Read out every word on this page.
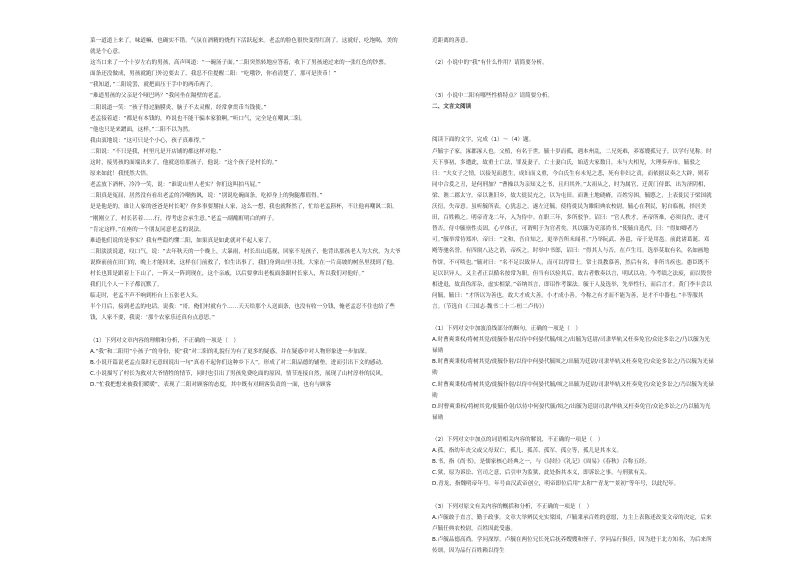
菜一道道上来了，味道嘛，也确实不错。气氛在酒精的烧灼下活跃起来。老孟的脸色很快变得红润了。这就好，吃饱喝，美的就是个心意。

这当口来了一个十岁左右的男孩，高声叫道：“一碗汤子面。”二阳突然转地应答着，收下了男孩递过来的一张红色的钞票。

面条还没做成，男孩就跑门外边要去了，我忍不住提醒二阳：“吃哦钞，你看清楚了，那可是贵币！”

“我知道，”二阳说罢，就把面压于手中的两币两了。

“难道男孩的父亲是个哑巴吗？”我问坐在隔壁的老孟。

二阳说道一笑：“孩子得过脑膜炎，脑子不太灵醒，经常拿贯币当钱使。”

老孟接着道：“都是有本钱的，咋说也不能干骗本家狼啊。”听口气，完全是在嘲讽二阳。

“他也只是来蹭面，这样。”二阳不以为然。

我由衷地说：“这可只是个小心，孩子真难得。”

二阳说：“不只是我，村里凡是开店铺的都这样对他。”

这时，接男孩的面端出来了，他就送给那孩子，他说：“这个孩子是村长的。”

原来如此！我恍然大悟。

老孟放下酒杯，冷冷一笑，说：“谁说山里人老实？你们这叫拍马屁。”

二阳真是冤屈，居然没有看出老孟的冷嘲热讽，说：“别说吃碗面条，吃掉身上的狗腿都值得。”

是是他是的，谁让人家的爸爸是村长呢？你多事要掰扯人家，这么一想，我也就释然了，忙给老孟斟杯，不让他再嘲讽二阳。

“刚刚立了，村长甚着……行，得考虑会承生意。”老孟一副酩酊明白的样子。

“肯定这样，”在座的一个朋友同意老孟的说法。

难道他们说的是事实？我有些隐约懂二阳，如果真是如此就对不起人家了。

二阳淡淡说道，叹口气，说：“去年秋天的一个晚上，大暴雨，村长出山巡视，回家不见孩子，他背出那孩老人为大伙。为大爷说修前前在田门的，晚上才能回来，这样在门前救了，怕生出事了，我们身到山里寻找。大家在一片高坡的树丛里找到了他。村长也算是跟着上下山了，一阵又一阵到现在，这个亲戚，以后要拿出老板面条跟村长家人，所以我们对他好。”

我们几个人一下子都沉默了。

临走时，老孟不声不响到柜台上五张老人头。

半个月后，接到老孟的电话，说我：“哥，俺们村就有个……天天给那个人送面条，也没有收一分钱，俺老孟忍不住也给了些钱，人家不要，我说：‘那个农家乐还真有点意思。”

（1）下列对文章内容的理解和分析，不正确的一项是（　）

A.“我”和二阳用“小孩子”的身份，使“我”对二阳的礼貌行为有了更多的疑惑，并在疑惑中对人物形象进一步加深。

B.小说开篇说老孟点菜时无意间说出一句“真看不起你们这种乡下人”，形成了对二阳品德的铺垫，进而引出下文的感动。

C.小说描写了村长为救对大爷情牲的情节，同时也引出了男孩免费吃面的原因，情节连接自然，展现了山村淳朴的民风。

D.“忙我把想来被我们暖暖”，表现了二阳对顾客的态度，其中既有对顾客负责的一面，也有与顾客

近距离的善意。

（2）小说中的“我”有什么作用？请简要分析。

（3）小说中二阳有哪些性格特点？请简要分析。

二、文言文阅读

阅读下面的文字，完成（1）～（4）题。

卢毓字子家，涿郡涿人也。父植，有名于世。毓十岁而孤，遇本州乱，二兄死难，养寡嫂孤兄子，以学行见称。时天下事初，多遭此，故重士亡法，罪及妻子。亡士妻白氏，始适夫家数日，未与夫相见，大理奏弃市。毓驳之曰：“夫女子之情，以接见而恩生，成妇而义重，今白氏生有未见之悲，死有非妇之责，而依据议奏之大辟，则若同中合爰之丑，是何刑加？”曹操以为亲知义之书，且归其外。”太祖从之，时为属官，迁黄门侍郎，出为济阴相，梁、谯二郡太守。帝以谯旧乡，故大徙民充之，以为屯田。而谯土地硗瘠，百姓穷困，毓愍之，上表徙民于梁国就沃衍，失帝意。虽听毓所表，心犹恚之，遂左迁毓，使将徙民为睢阳典农校尉。毓心在利民，躬自临视，择居美田，百姓赖之。明帝青龙二年，入为侍中。在职三年，多所驳争。诏曰：“官人秩才，圣帝所难，必须良佐，进可替否。侍中毓禀性贞固，心平体正，可谓明于为官者矣。其以毓为吏部尚书。”使毓自选代，曰：“得如卿者乃可。”毓举常侍郑冲，帝曰：“文和，吾自知之，更举吾所未闻者。”乃举阮武、孙邕，帝于是用邕。前此诸葛诞、邓飏等驰名誉，有四窗八达之诮，帝疾之。时举中书郎，诏曰：“得其人与否，在卢生耳。选举莫取有名，名如画地作饼，不可啖也。”毓对曰：“名不足以致异人，而可以得常士。常士畏教慕善，然后有名，非所当疾也。愚臣既不足以识异人，又主者正以循名按常为职，但当有以验其后。故古者敷奏以言，明试以功。今考绩之法废，而以毁誉相进退，故真伪浑杂，虚实相蒙。”帝纳其言，即诏作考课法。毓于人及选举，先举性行，而后言才。黄门李丰尝以问毓，毓曰：“才所以为善也，故大才成大善，小才成小善。今称之有才而不能为善，是才不中器也。”丰等服其言。（节选自《三国志·魏书二十二·桓二卢传》）

（1）下列对文中加波浪线部分的断句，正确的一项是（　）

A.时曹爽秉权/将树其党/徙毓仆射/以侍中何晏代毓/顷之/出毓为廷尉/司隶毕轨又枉奏免官/众论多讼之/乃以毓为光禄勋

B.时曹爽秉权/将树其党/徙毓仆射/以侍中何晏代毓顷之/出毓为廷尉/司隶毕轨又枉奏免官/众论多讼之/乃以毓为光禄勋

C.时曹爽秉权/将树其党/徙毓仆射/以侍中何晏代毓/顷之出毓为廷尉/司隶毕轨又枉奏免官/众论多讼之/乃以毓为光禄勋

D.时曹爽秉权/将树其党/徙毓仆射/以侍中何晏代毓/顷之/出毓为廷尉司隶/毕轨又枉奏免官/众论多讼之/乃以毓为光禄勋

（2）下列对文中加点的词语相关内容的解说，不正确的一项是（　）

A.孤，指幼年丧父或父母双亡，孤儿、孤苦、孤军、孤立等，孤儿是其本义。

B.书，指《尚书》，是儒家核心经典之一，与《诗经》《礼记》《周易》《春秋》合称五经。

C.狱，原为诉讼、官司之意，后引申为监狱，此处指其本义，即诉讼之事，与刑狱有关。

D.青龙，指魏明帝年号。年号由汉武帝创立，明帝即位后用“太和”“青龙”“景初”等年号，以此纪年。

（3）下列对原文有关内容的概括和分析，不正确的一项是（　）

A.卢毓敢于直言，勤于政事。文章大举辨民充实梁国，卢毓秉承百姓的意愿，力主上表陈述改变文帝的决定，后来卢毓任典农校尉，百姓因此受惠。

B.卢毓品德高尚，学问深厚。卢毓在两位兄长死后抚养嫂嫂和侄子，学问品行俱佳，因为进于北方知名，为后来所传颂，因为品行百姓赖以得生
